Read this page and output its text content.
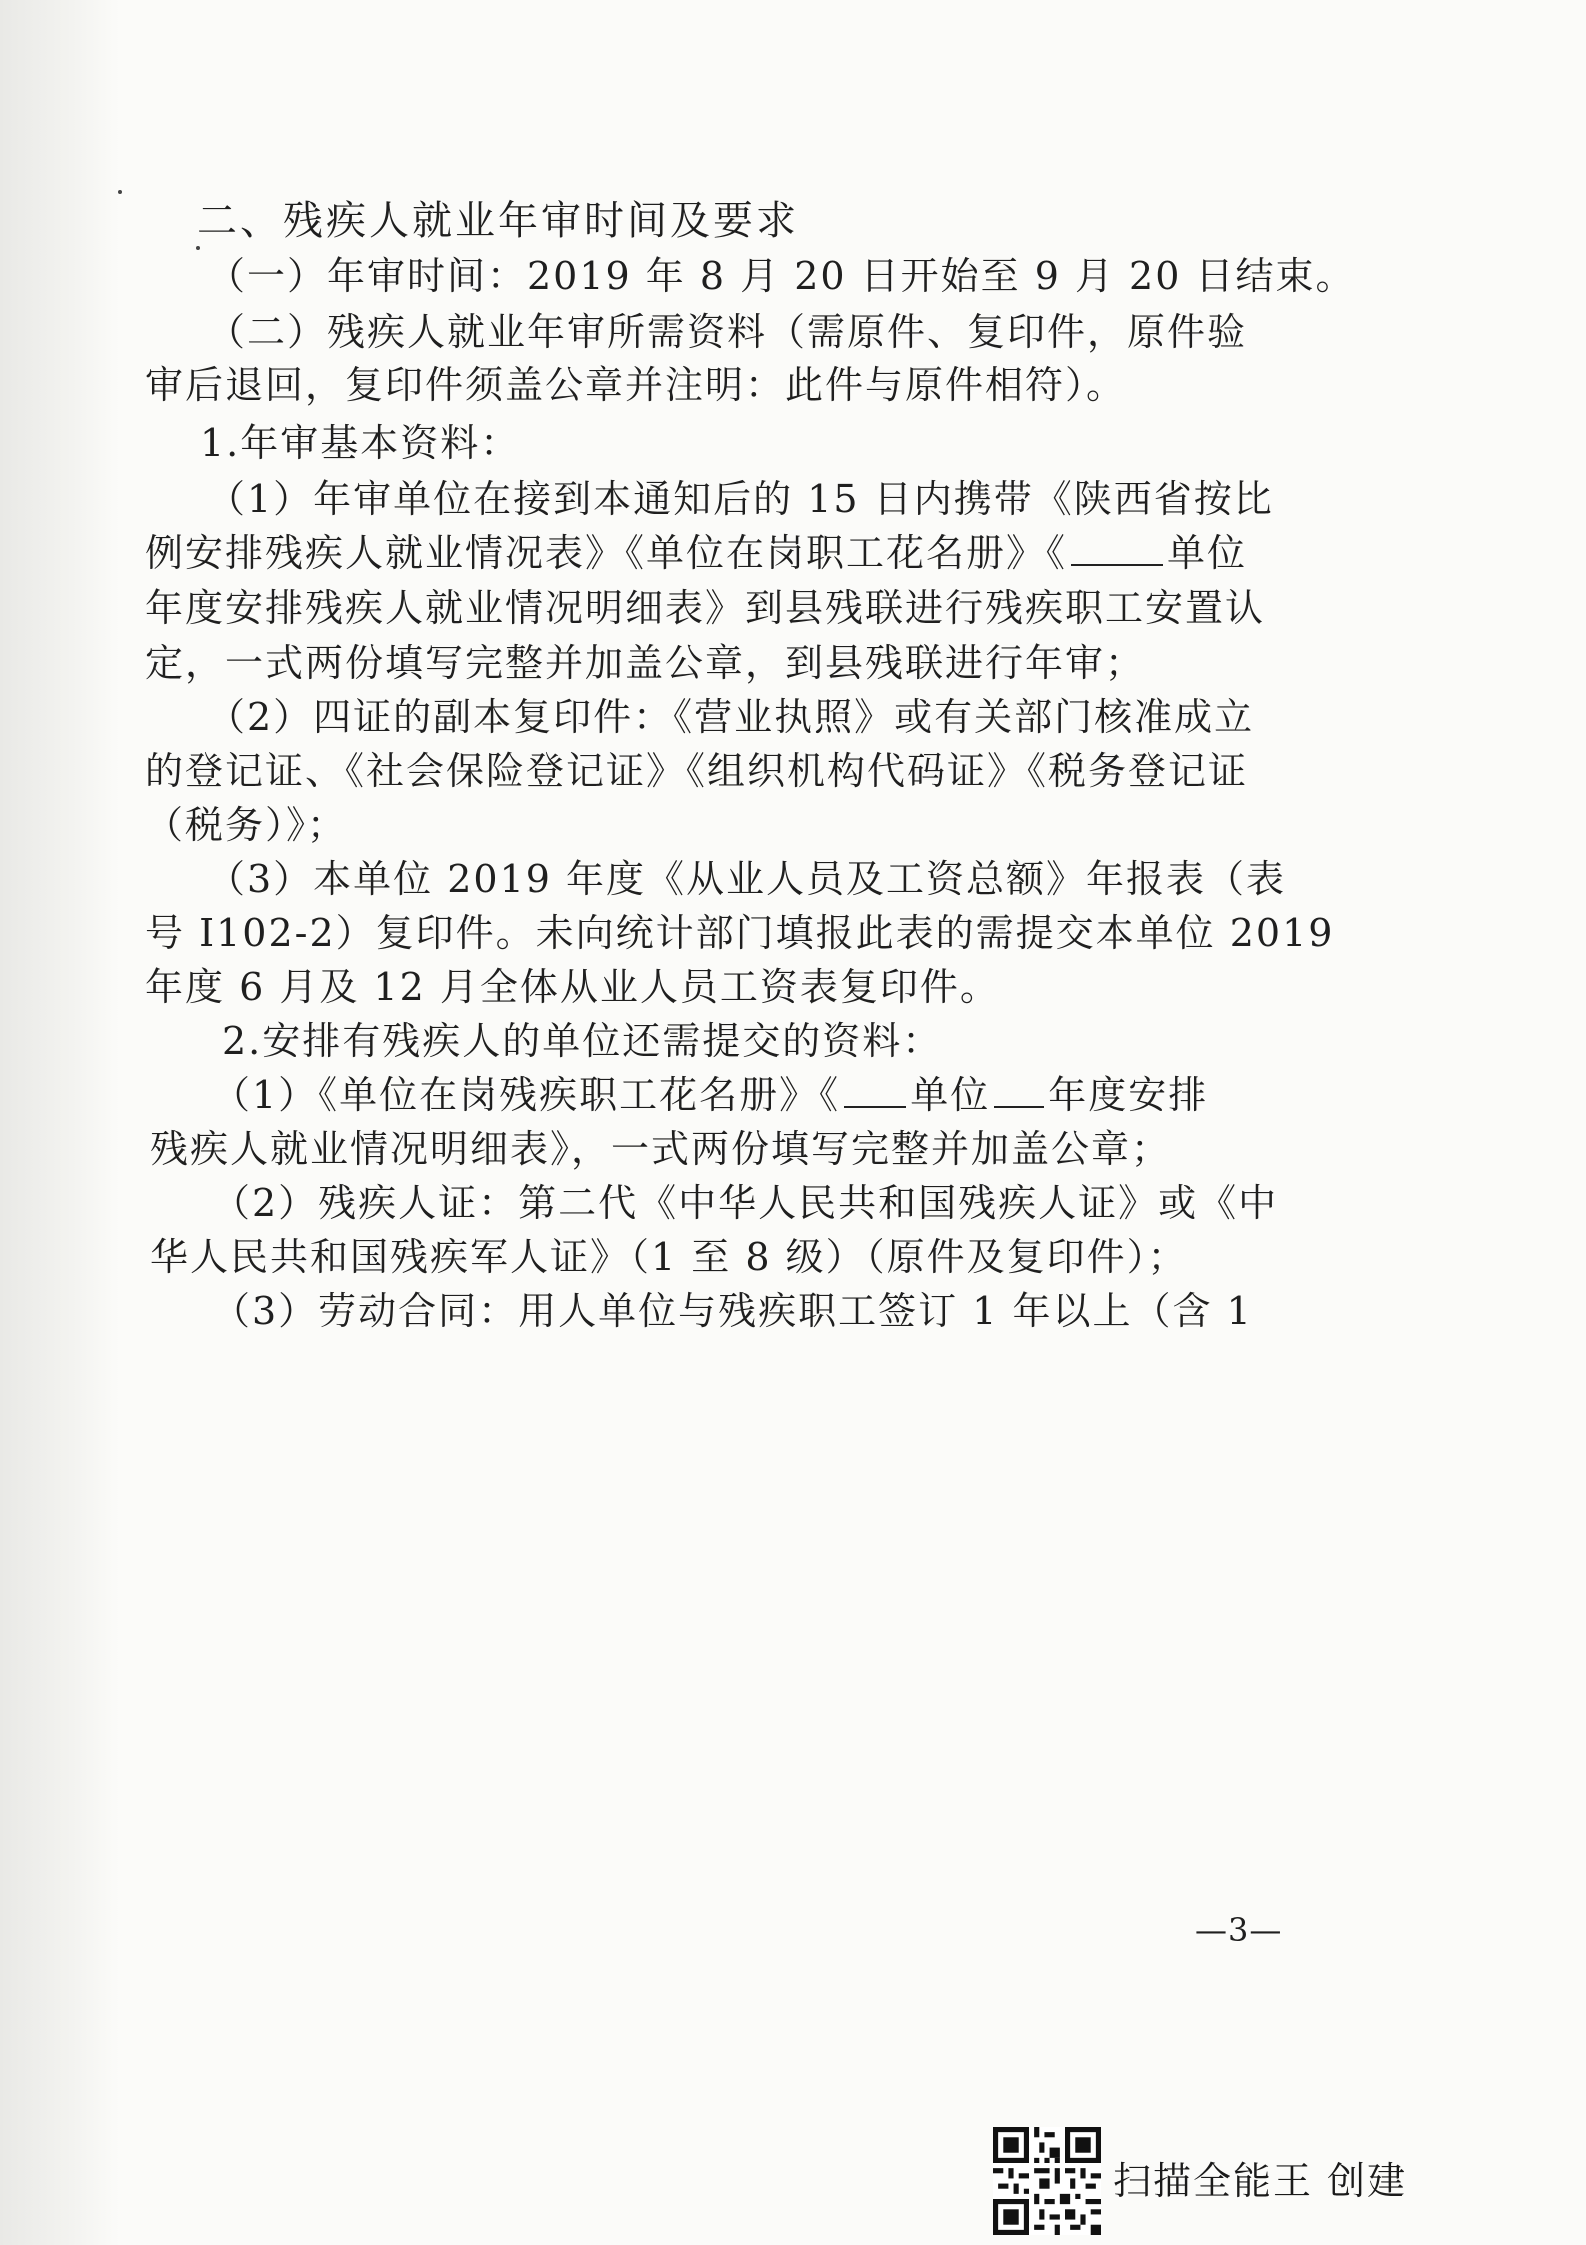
二、残疾人就业年审时间及要求
（一）年审时间：2019 年 8 月 20 日开始至 9 月 20 日结束。
（二）残疾人就业年审所需资料（需原件、复印件，原件验
审后退回，复印件须盖公章并注明：此件与原件相符）。
1.年审基本资料：
（1）年审单位在接到本通知后的 15 日内携带《陕西省按比
例安排残疾人就业情况表》《单位在岗职工花名册》《	单位
年度安排残疾人就业情况明细表》到县残联进行残疾职工安置认
定，一式两份填写完整并加盖公章，到县残联进行年审；
（2）四证的副本复印件：《营业执照》或有关部门核准成立
的登记证、《社会保险登记证》《组织机构代码证》《税务登记证
（税务）》；
（3）本单位 2019 年度《从业人员及工资总额》年报表（表
号 I102-2）复印件。未向统计部门填报此表的需提交本单位 2019
年度 6 月及 12 月全体从业人员工资表复印件。
2.安排有残疾人的单位还需提交的资料：
（1）《单位在岗残疾职工花名册》《 单位 年度安排
残疾人就业情况明细表》，一式两份填写完整并加盖公章；
（2）残疾人证：第二代《中华人民共和国残疾人证》或《中
华人民共和国残疾军人证》（1 至 8 级）（原件及复印件）；
（3）劳动合同：用人单位与残疾职工签订 1 年以上（含 1
—3—
扫描全能王 创建
